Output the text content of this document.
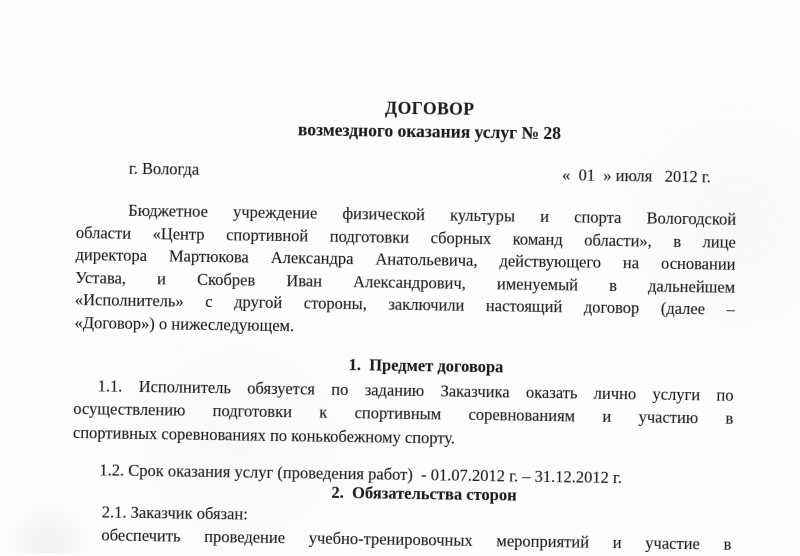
ДОГОВОР
возмездного оказания услуг № 28
г. Вологда	«  01  » июля   2012 г.
Бюджетное учреждение физической культуры и спорта Вологодской
области «Центр спортивной подготовки сборных команд области», в лице
директора Мартюкова Александра Анатольевича, действующего на основании
Устава, и Скобрев Иван Александрович, именуемый в дальнейшем
«Исполнитель» с другой стороны, заключили настоящий договор (далее –
«Договор») о нижеследующем.
1.  Предмет договора
1.1. Исполнитель обязуется по заданию Заказчика оказать лично услуги по
осуществлению подготовки к спортивным соревнованиям и участию в
спортивных соревнованиях по конькобежному спорту.
1.2. Срок оказания услуг (проведения работ)  - 01.07.2012 г. – 31.12.2012 г.
2.  Обязательства сторон
2.1. Заказчик обязан:
обеспечить проведение учебно-тренировочных мероприятий и участие в
